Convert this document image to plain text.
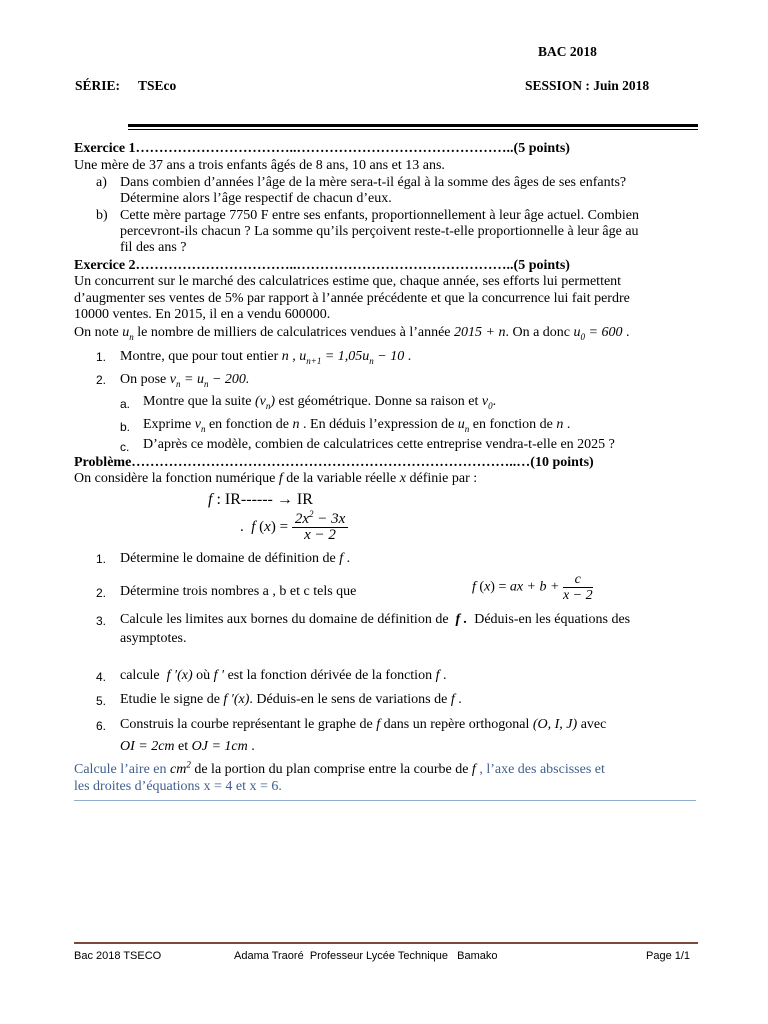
BAC 2018
SÉRIE: TSEco	SESSION : Juin 2018
Exercice 1……………………………..………………………………………..(5 points)
Une mère de 37 ans a trois enfants âgés de 8 ans, 10 ans et 13 ans.
a) Dans combien d’années l’âge de la mère sera-t-il égal à la somme des âges de ses enfants?
Détermine alors l’âge respectif de chacun d’eux.
b) Cette mère partage 7750 F entre ses enfants, proportionnellement à leur âge actuel. Combien
percevront-ils chacun ? La somme qu’ils perçoivent reste-t-elle proportionnelle à leur âge au
fil des ans ?
Exercice 2……………………………..………………………………………..(5 points)
Un concurrent sur le marché des calculatrices estime que, chaque année, ses efforts lui permettent
d’augmenter ses ventes de 5% par rapport à l’année précédente et que la concurrence lui fait perdre
10000 ventes. En 2015, il en a vendu 600000.
On note $u_n$ le nombre de milliers de calculatrices vendues à l’année 2015 + n. On a donc $u_0 = 600$ .
1. Montre, que pour tout entier n , $u_{n+1} = 1,05u_n - 10$ .
2. On pose $v_n = u_n - 200$.
a. Montre que la suite $(v_n)$ est géométrique. Donne sa raison et $v_0$.
b. Exprime $v_n$ en fonction de n . En déduis l’expression de $u_n$ en fonction de n .
c. D’après ce modèle, combien de calculatrices cette entreprise vendra-t-elle en 2025 ?
Problème………………………………………………………………………..…(10 points)
On considère la fonction numérique f de la variable réelle x définie par :
f : IR------ → IR
.  f $(x) = \frac{2x^2 - 3x}{x - 2}$
1. Détermine le domaine de définition de f .
2. Détermine trois nombres a , b et c tels que	f (x) = ax + $b + \frac{c}{x - 2}$
3. Calcule les limites aux bornes du domaine de définition de f . Déduis-en les équations des
asymptotes.
4. calcule f ′(x) où f ′ est la fonction dérivée de la fonction f .
5. Etudie le signe de f ′(x). Déduis-en le sens de variations de f .
6. Construis la courbe représentant le graphe de f dans un repère orthogonal (O, I, J) avec
OI = 2cm et OJ = 1cm .
Calcule l’aire en $cm^2$ de la portion du plan comprise entre la courbe de f , l’axe des abscisses et
les droites d’équations x = 4 et x = 6.
Bac 2018 TSECO	Adama Traoré  Professeur Lycée Technique   Bamako	Page 1/1
